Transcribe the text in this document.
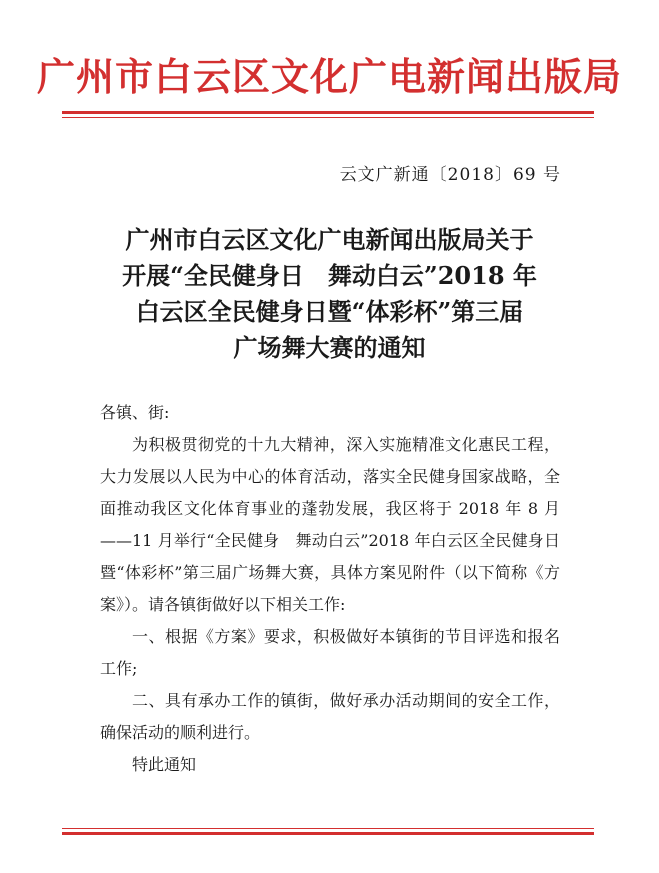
广州市白云区文化广电新闻出版局
云文广新通〔2018〕69 号
广州市白云区文化广电新闻出版局关于
开展“全民健身日　舞动白云”2018 年
白云区全民健身日暨“体彩杯”第三届
广场舞大赛的通知

各镇、街:

为积极贯彻党的十九大精神，深入实施精准文化惠民工程，大力发展以人民为中心的体育活动，落实全民健身国家战略，全面推动我区文化体育事业的蓬勃发展，我区将于 2018 年 8 月——11 月举行“全民健身　舞动白云”2018 年白云区全民健身日暨“体彩杯”第三届广场舞大赛，具体方案见附件（以下简称《方案》）。请各镇街做好以下相关工作:

一、根据《方案》要求，积极做好本镇街的节目评选和报名工作;

二、具有承办工作的镇街，做好承办活动期间的安全工作，确保活动的顺利进行。

特此通知
